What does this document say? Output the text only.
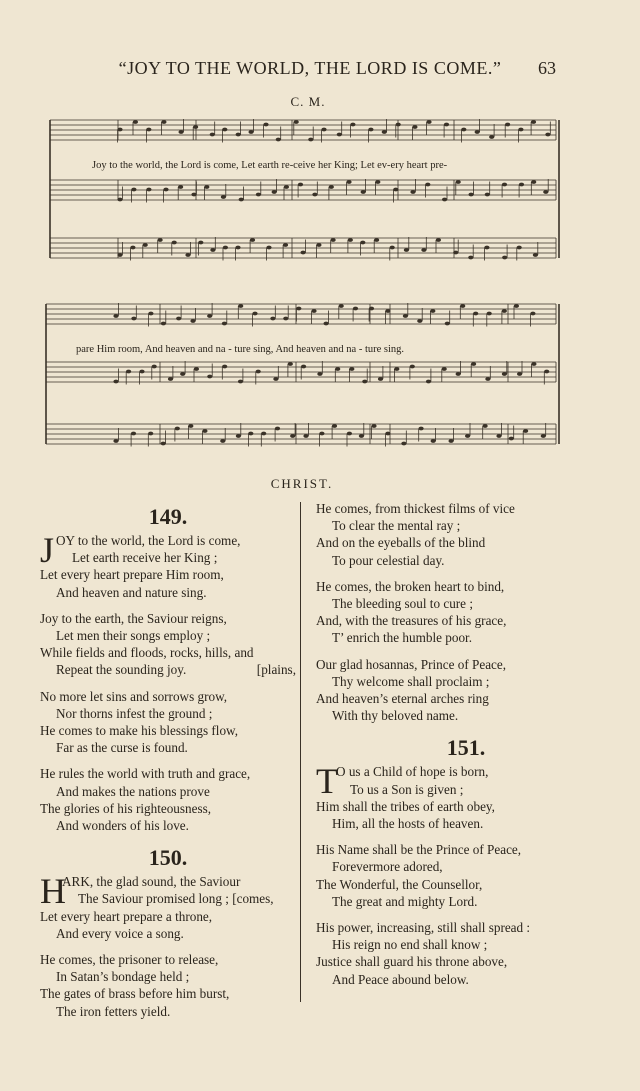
“JOY TO THE WORLD, THE LORD IS COME.”	63
C. M.
Joy to the world, the Lord is come, Let earth re-ceive her King; Let ev-ery heart pre-
pare Him room, And heaven and na - ture sing, And heaven and na - ture sing.
CHRIST.
149.
J OY to the world, the Lord is come,
Let earth receive her King ;
Let every heart prepare Him room,
And heaven and nature sing.
Joy to the earth, the Saviour reigns,
Let men their songs employ ;
While fields and floods, rocks, hills, and
Repeat the sounding joy.	[plains,
No more let sins and sorrows grow,
Nor thorns infest the ground ;
He comes to make his blessings flow,
Far as the curse is found.
He rules the world with truth and grace,
And makes the nations prove
The glories of his righteousness,
And wonders of his love.
150.
H
ARK, the glad sound, the Saviour
The Saviour promised long ; [comes,
Let every heart prepare a throne,
And every voice a song.
He comes, the prisoner to release,
In Satan’s bondage held ;
The gates of brass before him burst,
The iron fetters yield.
He comes, from thickest films of vice
To clear the mental ray ;
And on the eyeballs of the blind
To pour celestial day.
He comes, the broken heart to bind,
The bleeding soul to cure ;
And, with the treasures of his grace,
T’ enrich the humble poor.
Our glad hosannas, Prince of Peace,
Thy welcome shall proclaim ;
And heaven’s eternal arches ring
With thy beloved name.
151.
T
O us a Child of hope is born,
To us a Son is given ;
Him shall the tribes of earth obey,
Him, all the hosts of heaven.
His Name shall be the Prince of Peace,
Forevermore adored,
The Wonderful, the Counsellor,
The great and mighty Lord.
His power, increasing, still shall spread :
His reign no end shall know ;
Justice shall guard his throne above,
And Peace abound below.
